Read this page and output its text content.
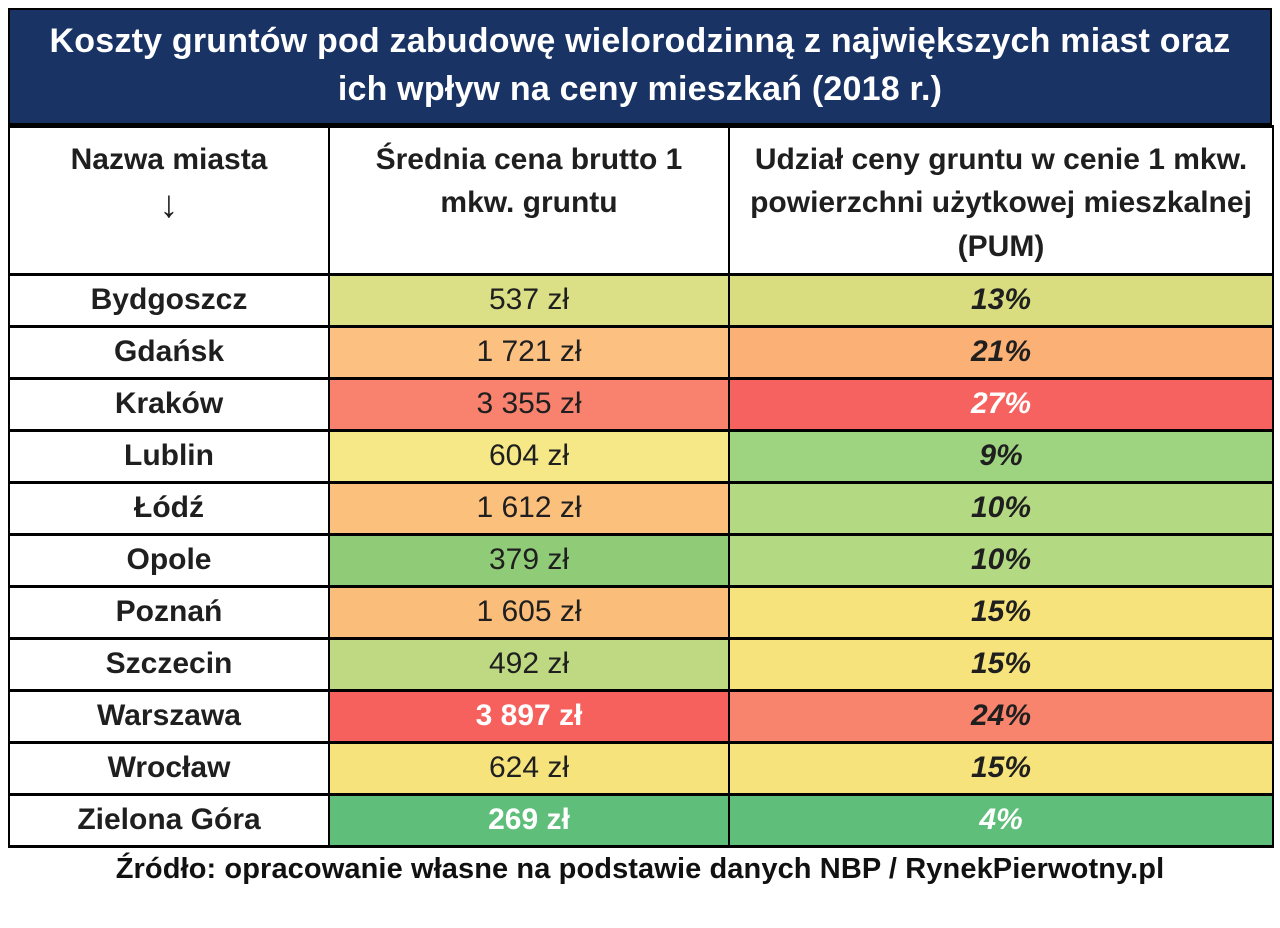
Koszty gruntów pod zabudowę wielorodzinną z największych miast oraz ich wpływ na ceny mieszkań (2018 r.)
Nazwa miasta
↓	Średnia cena brutto 1 mkw. gruntu	Udział ceny gruntu w cenie 1 mkw. powierzchni użytkowej mieszkalnej (PUM)
Bydgoszcz	537 zł	13%
Gdańsk	1 721 zł	21%
Kraków	3 355 zł	27%
Lublin	604 zł	9%
Łódź	1 612 zł	10%
Opole	379 zł	10%
Poznań	1 605 zł	15%
Szczecin	492 zł	15%
Warszawa	3 897 zł	24%
Wrocław	624 zł	15%
Zielona Góra	269 zł	4%
Źródło: opracowanie własne na podstawie danych NBP / RynekPierwotny.pl
